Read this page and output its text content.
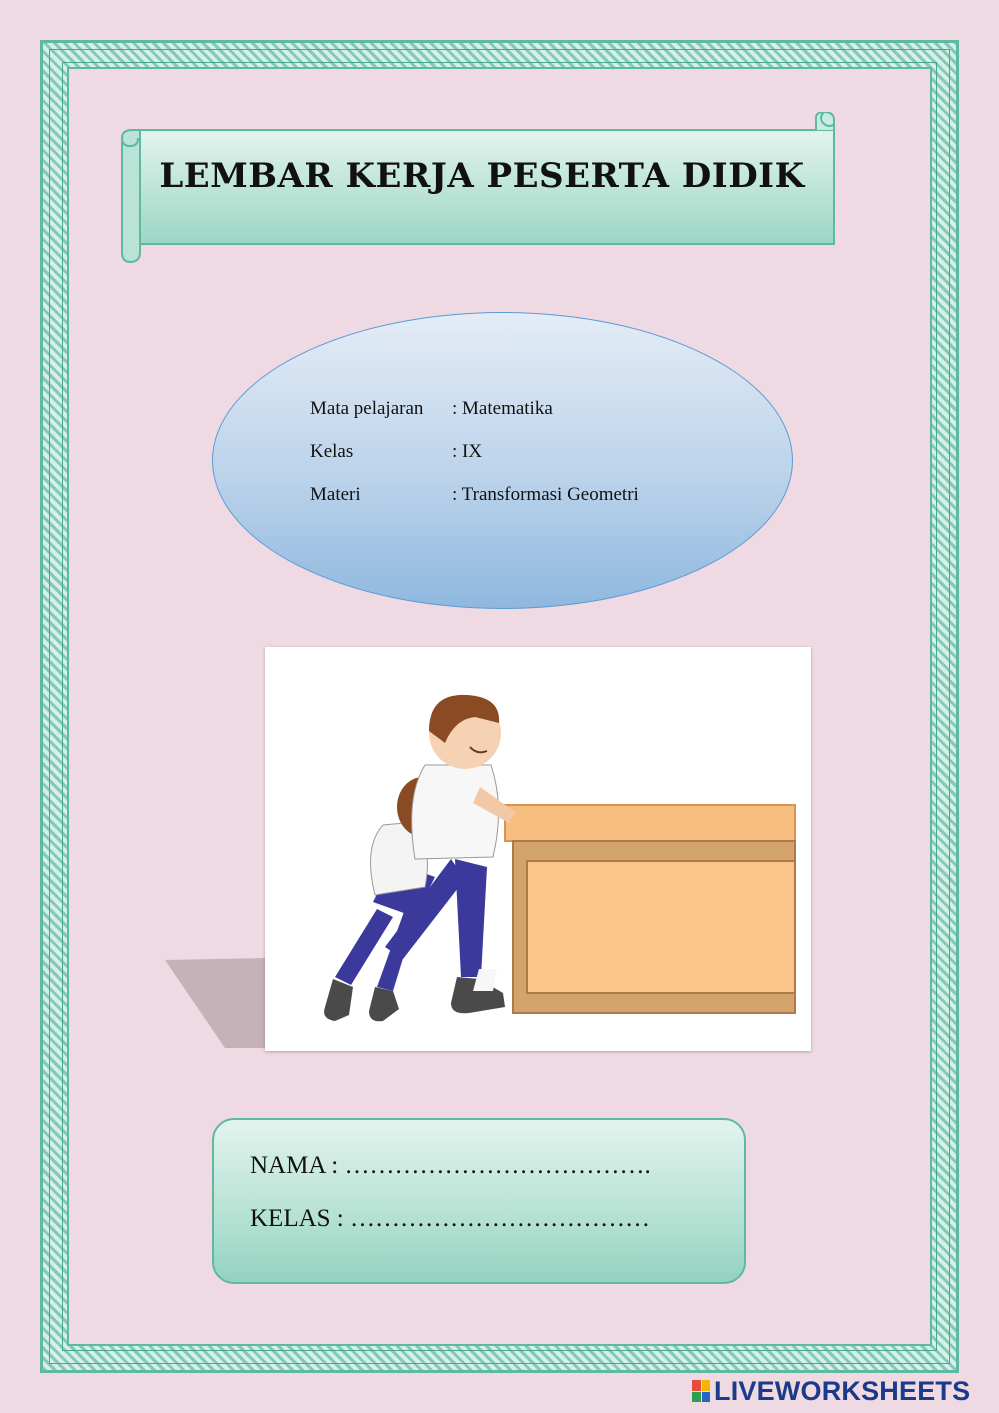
LEMBAR KERJA PESERTA DIDIK
Mata pelajaran : Matematika
Kelas	: IX
Materi	: Transformasi Geometri
NAMA : ……………………………….
KELAS : ………………………………
LIVEWORKSHEETS
